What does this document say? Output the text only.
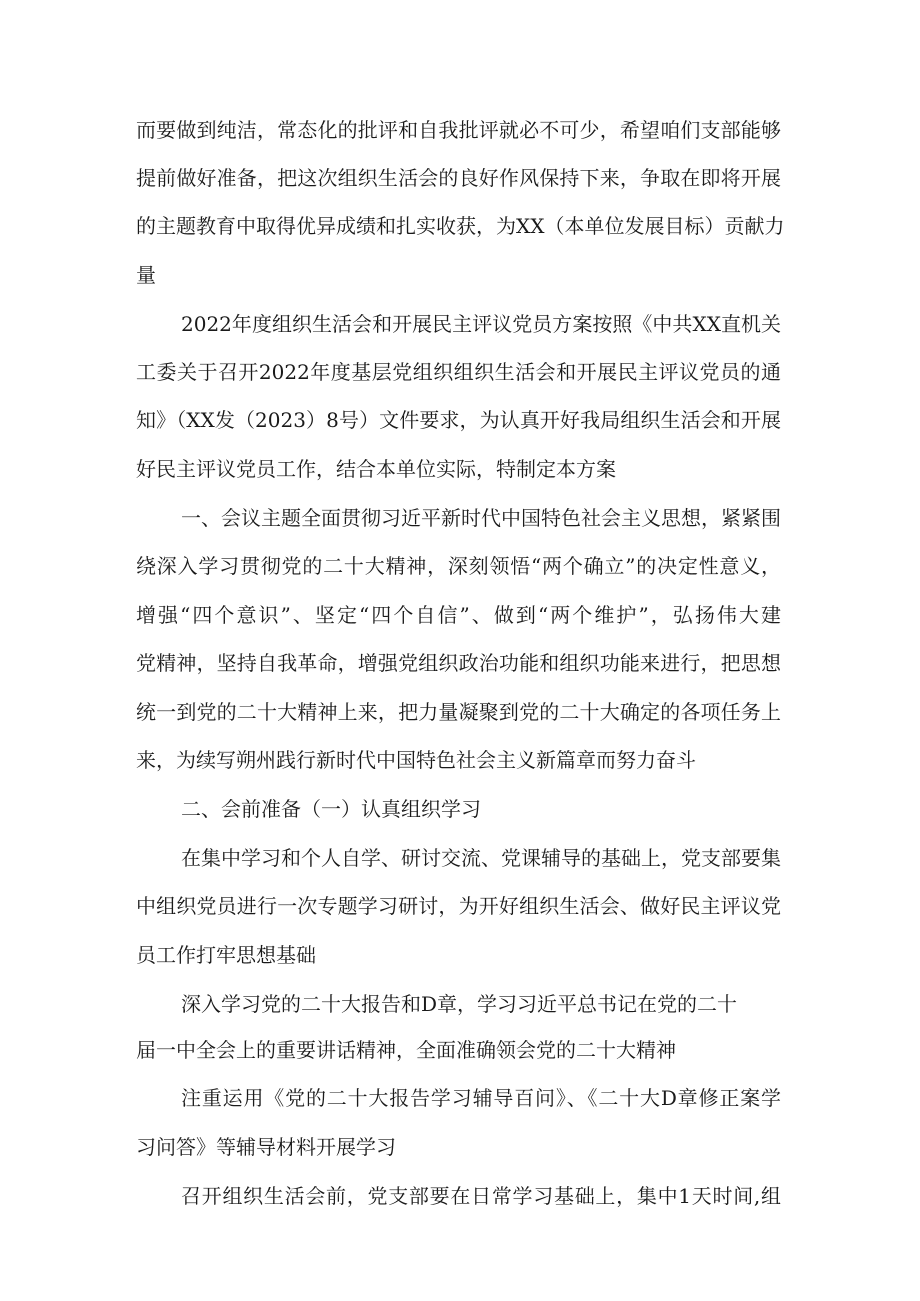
而要做到纯洁，常态化的批评和自我批评就必不可少，希望咱们支部能够

提前做好准备，把这次组织生活会的良好作风保持下来，争取在即将开展

的主题教育中取得优异成绩和扎实收获，为XX（本单位发展目标）贡献力

量

2022年度组织生活会和开展民主评议党员方案按照《中共XX直机关

工委关于召开2022年度基层党组织组织生活会和开展民主评议党员的通

知》（XX发（2023）8号）文件要求，为认真开好我局组织生活会和开展

好民主评议党员工作，结合本单位实际，特制定本方案

一、会议主题全面贯彻习近平新时代中国特色社会主义思想，紧紧围

绕深入学习贯彻党的二十大精神，深刻领悟“两个确立”的决定性意义，

增强“四个意识”、坚定“四个自信”、做到“两个维护”，弘扬伟大建

党精神，坚持自我革命，增强党组织政治功能和组织功能来进行，把思想

统一到党的二十大精神上来，把力量凝聚到党的二十大确定的各项任务上

来，为续写朔州践行新时代中国特色社会主义新篇章而努力奋斗

二、会前准备（一）认真组织学习

在集中学习和个人自学、研讨交流、党课辅导的基础上，党支部要集

中组织党员进行一次专题学习研讨，为开好组织生活会、做好民主评议党

员工作打牢思想基础

深入学习党的二十大报告和D章，学习习近平总书记在党的二十

届一中全会上的重要讲话精神，全面准确领会党的二十大精神

注重运用《党的二十大报告学习辅导百问》、《二十大D章修正案学

习问答》等辅导材料开展学习

召开组织生活会前，党支部要在日常学习基础上，集中1天时间,组
